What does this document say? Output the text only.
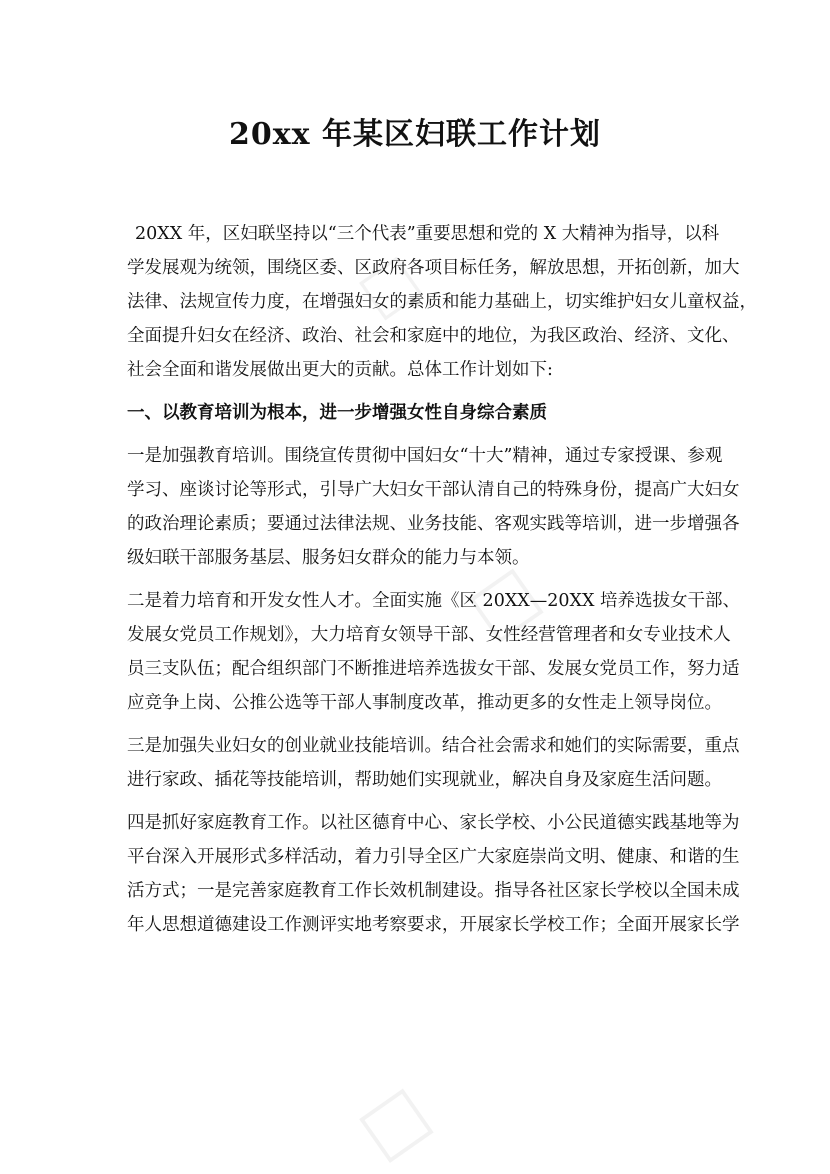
□
□
□
20xx 年某区妇联工作计划
20XX 年，区妇联坚持以“三个代表”重要思想和党的 X 大精神为指导，以科
学发展观为统领，围绕区委、区政府各项目标任务，解放思想，开拓创新，加大
法律、法规宣传力度，在增强妇女的素质和能力基础上，切实维护妇女儿童权益，
全面提升妇女在经济、政治、社会和家庭中的地位，为我区政治、经济、文化、
社会全面和谐发展做出更大的贡献。总体工作计划如下:
一、以教育培训为根本，进一步增强女性自身综合素质
一是加强教育培训。围绕宣传贯彻中国妇女“十大”精神，通过专家授课、参观
学习、座谈讨论等形式，引导广大妇女干部认清自己的特殊身份，提高广大妇女
的政治理论素质；要通过法律法规、业务技能、客观实践等培训，进一步增强各
级妇联干部服务基层、服务妇女群众的能力与本领。
二是着力培育和开发女性人才。全面实施《区 20XX—20XX 培养选拔女干部、
发展女党员工作规划》，大力培育女领导干部、女性经营管理者和女专业技术人
员三支队伍；配合组织部门不断推进培养选拔女干部、发展女党员工作，努力适
应竞争上岗、公推公选等干部人事制度改革，推动更多的女性走上领导岗位。
三是加强失业妇女的创业就业技能培训。结合社会需求和她们的实际需要，重点
进行家政、插花等技能培训，帮助她们实现就业，解决自身及家庭生活问题。
四是抓好家庭教育工作。以社区德育中心、家长学校、小公民道德实践基地等为
平台深入开展形式多样活动，着力引导全区广大家庭崇尚文明、健康、和谐的生
活方式；一是完善家庭教育工作长效机制建设。指导各社区家长学校以全国未成
年人思想道德建设工作测评实地考察要求，开展家长学校工作；全面开展家长学
